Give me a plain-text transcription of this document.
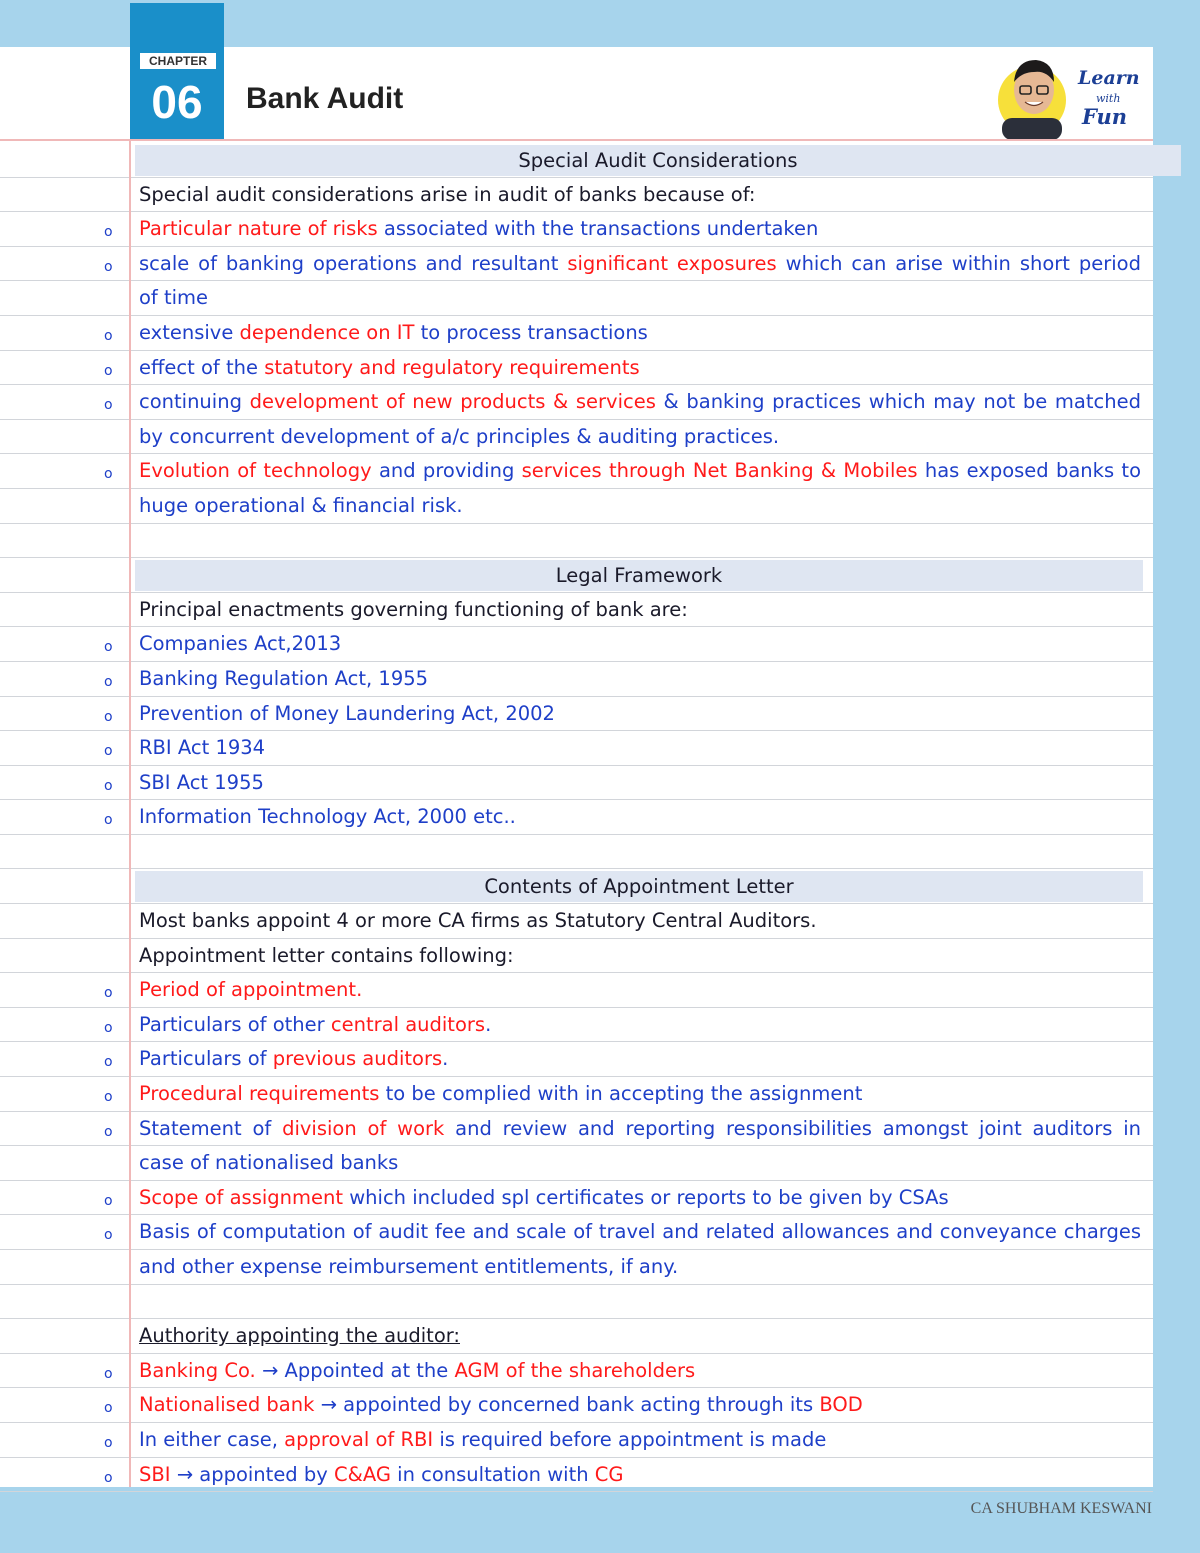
CHAPTER
06	Bank Audit
Learn
with
Fun
Special Audit Considerations
Special audit considerations arise in audit of banks because of:
o Particular nature of risks associated with the transactions undertaken
o scale of banking operations and resultant significant exposures which can arise within short period
of time
o extensive dependence on IT to process transactions
o effect of the statutory and regulatory requirements
o continuing development of new products & services & banking practices which may not be matched
by concurrent development of a/c principles & auditing practices.
o Evolution of technology and providing services through Net Banking & Mobiles has exposed banks to
huge operational & financial risk.
Legal Framework
Principal enactments governing functioning of bank are:
o Companies Act,2013
o Banking Regulation Act, 1955
o Prevention of Money Laundering Act, 2002
o RBI Act 1934
o SBI Act 1955
o Information Technology Act, 2000 etc..
Contents of Appointment Letter
Most banks appoint 4 or more CA firms as Statutory Central Auditors.
Appointment letter contains following:
o Period of appointment.
o Particulars of other central auditors.
o Particulars of previous auditors.
o Procedural requirements to be complied with in accepting the assignment
o Statement of division of work and review and reporting responsibilities amongst joint auditors in
case of nationalised banks
o Scope of assignment which included spl certificates or reports to be given by CSAs
o Basis of computation of audit fee and scale of travel and related allowances and conveyance charges
and other expense reimbursement entitlements, if any.
Authority appointing the auditor:
o Banking Co. → Appointed at the AGM of the shareholders
o Nationalised bank → appointed by concerned bank acting through its BOD
o In either case, approval of RBI is required before appointment is made
o SBI → appointed by C&AG in consultation with CG
CA SHUBHAM KESWANI
